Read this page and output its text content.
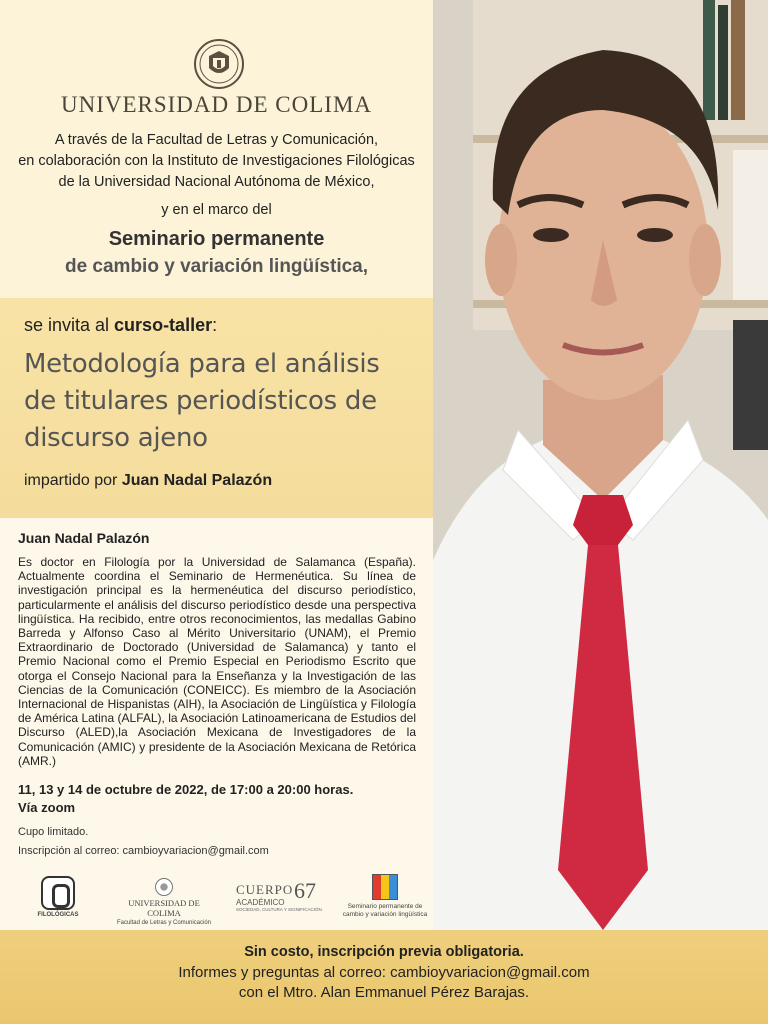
UNIVERSIDAD DE COLIMA
A través de la Facultad de Letras y Comunicación,
en colaboración con la Instituto de Investigaciones Filológicas
de la Universidad Nacional Autónoma de México,
y en el marco del
Seminario permanente
de cambio y variación lingüística,
se invita al curso-taller:
Metodología para el análisis
de titulares periodísticos de
discurso ajeno
impartido por Juan Nadal Palazón
Juan Nadal Palazón
Es doctor en Filología por la Universidad de Salamanca (España). Actualmente coordina el Seminario de Hermenéutica. Su línea de investigación principal es la hermenéutica del discurso periodístico, particularmente el análisis del discurso periodístico desde una perspectiva lingüística. Ha recibido, entre otros reconocimientos, las medallas Gabino Barreda y Alfonso Caso al Mérito Universitario (UNAM), el Premio Extraordinario de Doctorado (Universidad de Salamanca) y tanto el Premio Nacional como el Premio Especial en Periodismo Escrito que otorga el Consejo Nacional para la Enseñanza y la Investigación de las Ciencias de la Comunicación (CONEICC). Es miembro de la Asociación Internacional de Hispanistas (AIH), la Asociación de Lingüística y Filología de América Latina (ALFAL), la Asociación Latinoamericana de Estudios del Discurso (ALED),la Asociación Mexicana de Investigadores de la Comunicación (AMIC) y presidente de la Asociación Mexicana de Retórica (AMR.)
11, 13 y 14 de octubre de 2022, de 17:00 a 20:00 horas.
Vía zoom
Cupo limitado.
Inscripción al correo: cambioyvariacion@gmail.com
FILOLÓGICAS
UNIVERSIDAD DE COLIMA
Facultad de Letras y Comunicación
CUERPO 67
ACADÉMICO
SOCIEDAD, CULTURA Y SIGNIFICACIÓN	Seminario permanente de
cambio y variación lingüística
Sin costo, inscripción previa obligatoria.
Informes y preguntas al correo: cambioyvariacion@gmail.com
con el Mtro. Alan Emmanuel Pérez Barajas.
